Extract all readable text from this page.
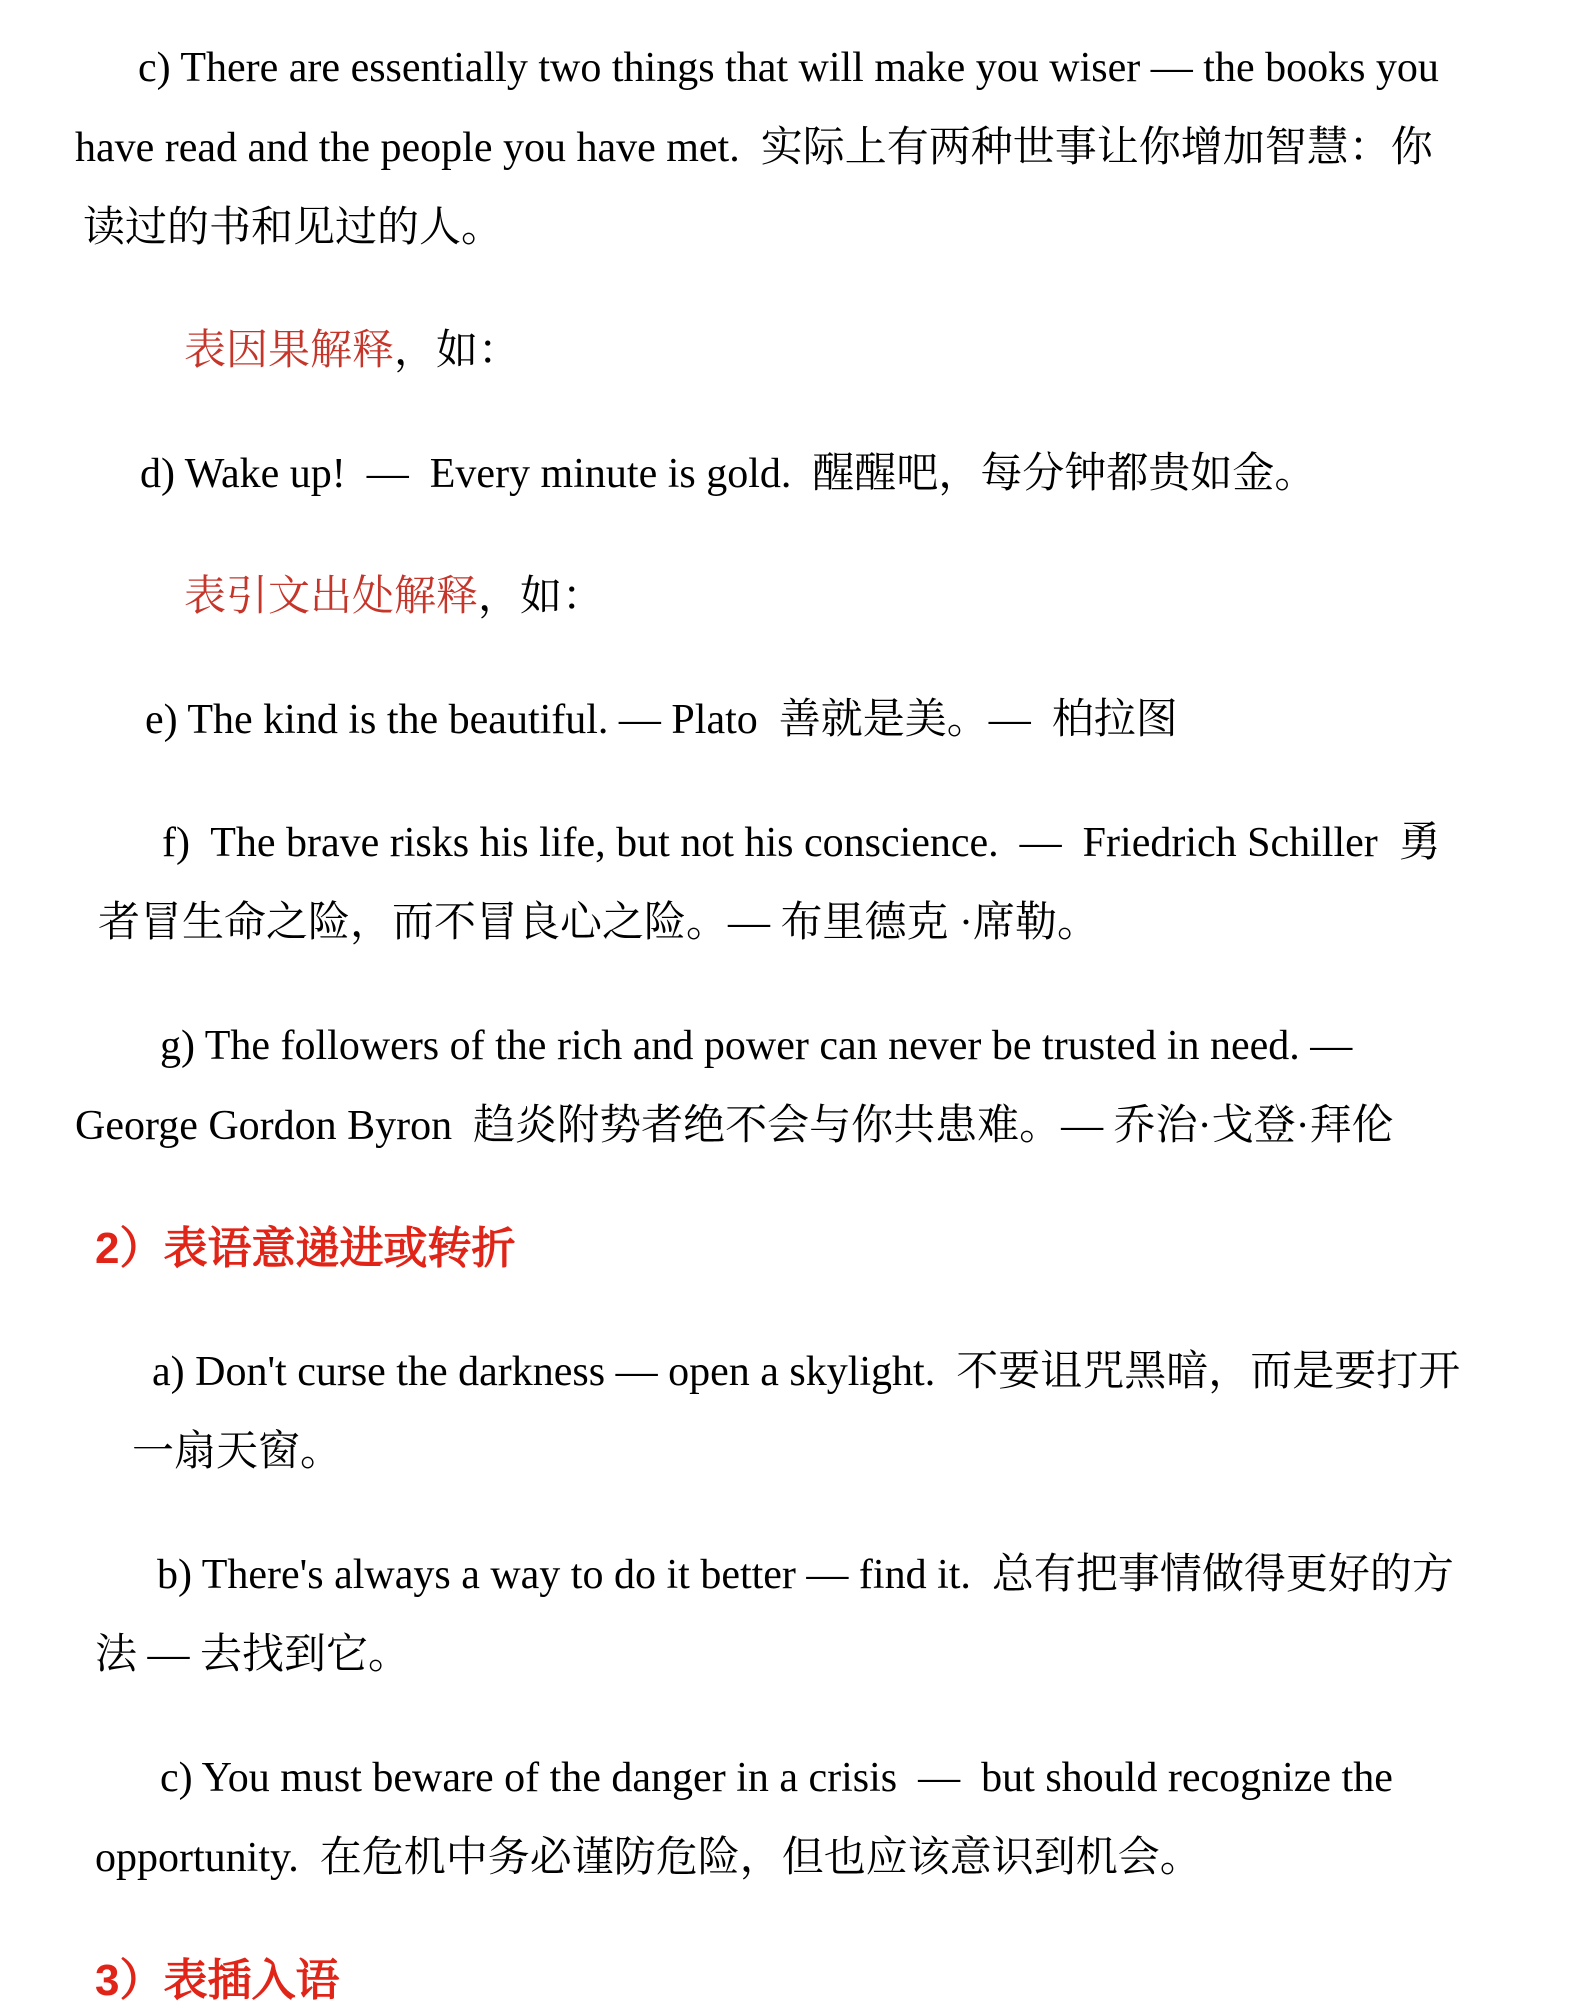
c) There are essentially two things that will make you wiser — the books you
have read and the people you have met.  实际上有两种世事让你增加智慧：你
读过的书和见过的人。

表因果解释，如：

d) Wake up!  —  Every minute is gold.  醒醒吧，每分钟都贵如金。

表引文出处解释，如：

e) The kind is the beautiful. — Plato  善就是美。—  柏拉图

f)  The brave risks his life, but not his conscience.  —  Friedrich Schiller  勇
者冒生命之险，而不冒良心之险。— 布里德克 ·席勒。

g) The followers of the rich and power can never be trusted in need. —
George Gordon Byron  趋炎附势者绝不会与你共患难。— 乔治·戈登·拜伦

2）表语意递进或转折

a) Don't curse the darkness — open a skylight.  不要诅咒黑暗，而是要打开
一扇天窗。

b) There's always a way to do it better — find it.  总有把事情做得更好的方
法 — 去找到它。

c) You must beware of the danger in a crisis  —  but should recognize the
opportunity.  在危机中务必谨防危险，但也应该意识到机会。

3）表插入语
